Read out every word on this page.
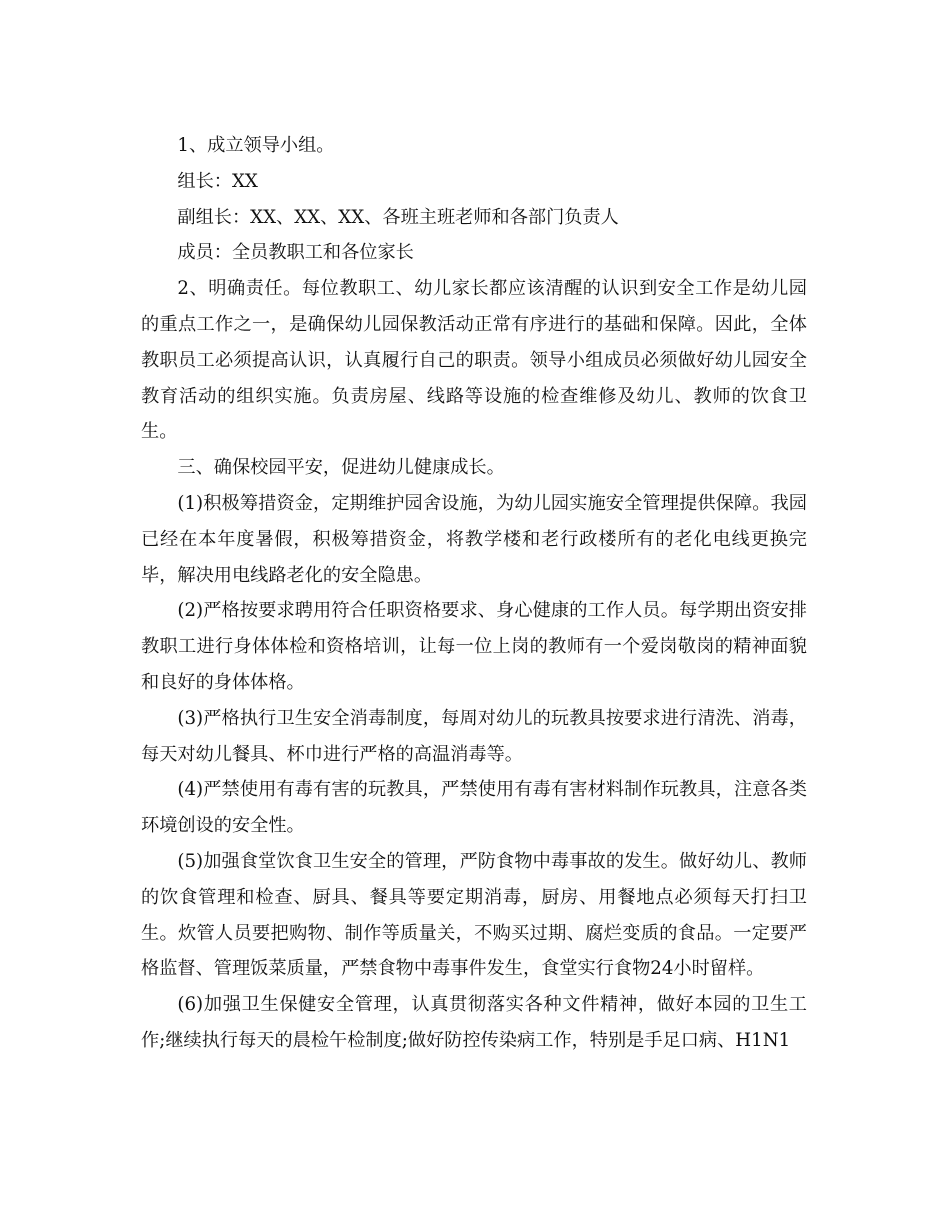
1、成立领导小组。

组长：XX

副组长：XX、XX、XX、各班主班老师和各部门负责人

成员：全员教职工和各位家长

2、明确责任。每位教职工、幼儿家长都应该清醒的认识到安全工作是幼儿园的重点工作之一，是确保幼儿园保教活动正常有序进行的基础和保障。因此，全体教职员工必须提高认识，认真履行自己的职责。领导小组成员必须做好幼儿园安全教育活动的组织实施。负责房屋、线路等设施的检查维修及幼儿、教师的饮食卫生。

三、确保校园平安，促进幼儿健康成长。

(1)积极筹措资金，定期维护园舍设施，为幼儿园实施安全管理提供保障。我园已经在本年度暑假，积极筹措资金，将教学楼和老行政楼所有的老化电线更换完毕，解决用电线路老化的安全隐患。

(2)严格按要求聘用符合任职资格要求、身心健康的工作人员。每学期出资安排教职工进行身体体检和资格培训，让每一位上岗的教师有一个爱岗敬岗的精神面貌和良好的身体体格。

(3)严格执行卫生安全消毒制度，每周对幼儿的玩教具按要求进行清洗、消毒，每天对幼儿餐具、杯巾进行严格的高温消毒等。

(4)严禁使用有毒有害的玩教具，严禁使用有毒有害材料制作玩教具，注意各类环境创设的安全性。

(5)加强食堂饮食卫生安全的管理，严防食物中毒事故的发生。做好幼儿、教师的饮食管理和检查、厨具、餐具等要定期消毒，厨房、用餐地点必须每天打扫卫生。炊管人员要把购物、制作等质量关，不购买过期、腐烂变质的食品。一定要严格监督、管理饭菜质量，严禁食物中毒事件发生，食堂实行食物24小时留样。

(6)加强卫生保健安全管理，认真贯彻落实各种文件精神，做好本园的卫生工作;继续执行每天的晨检午检制度;做好防控传染病工作，特别是手足口病、H1N1
